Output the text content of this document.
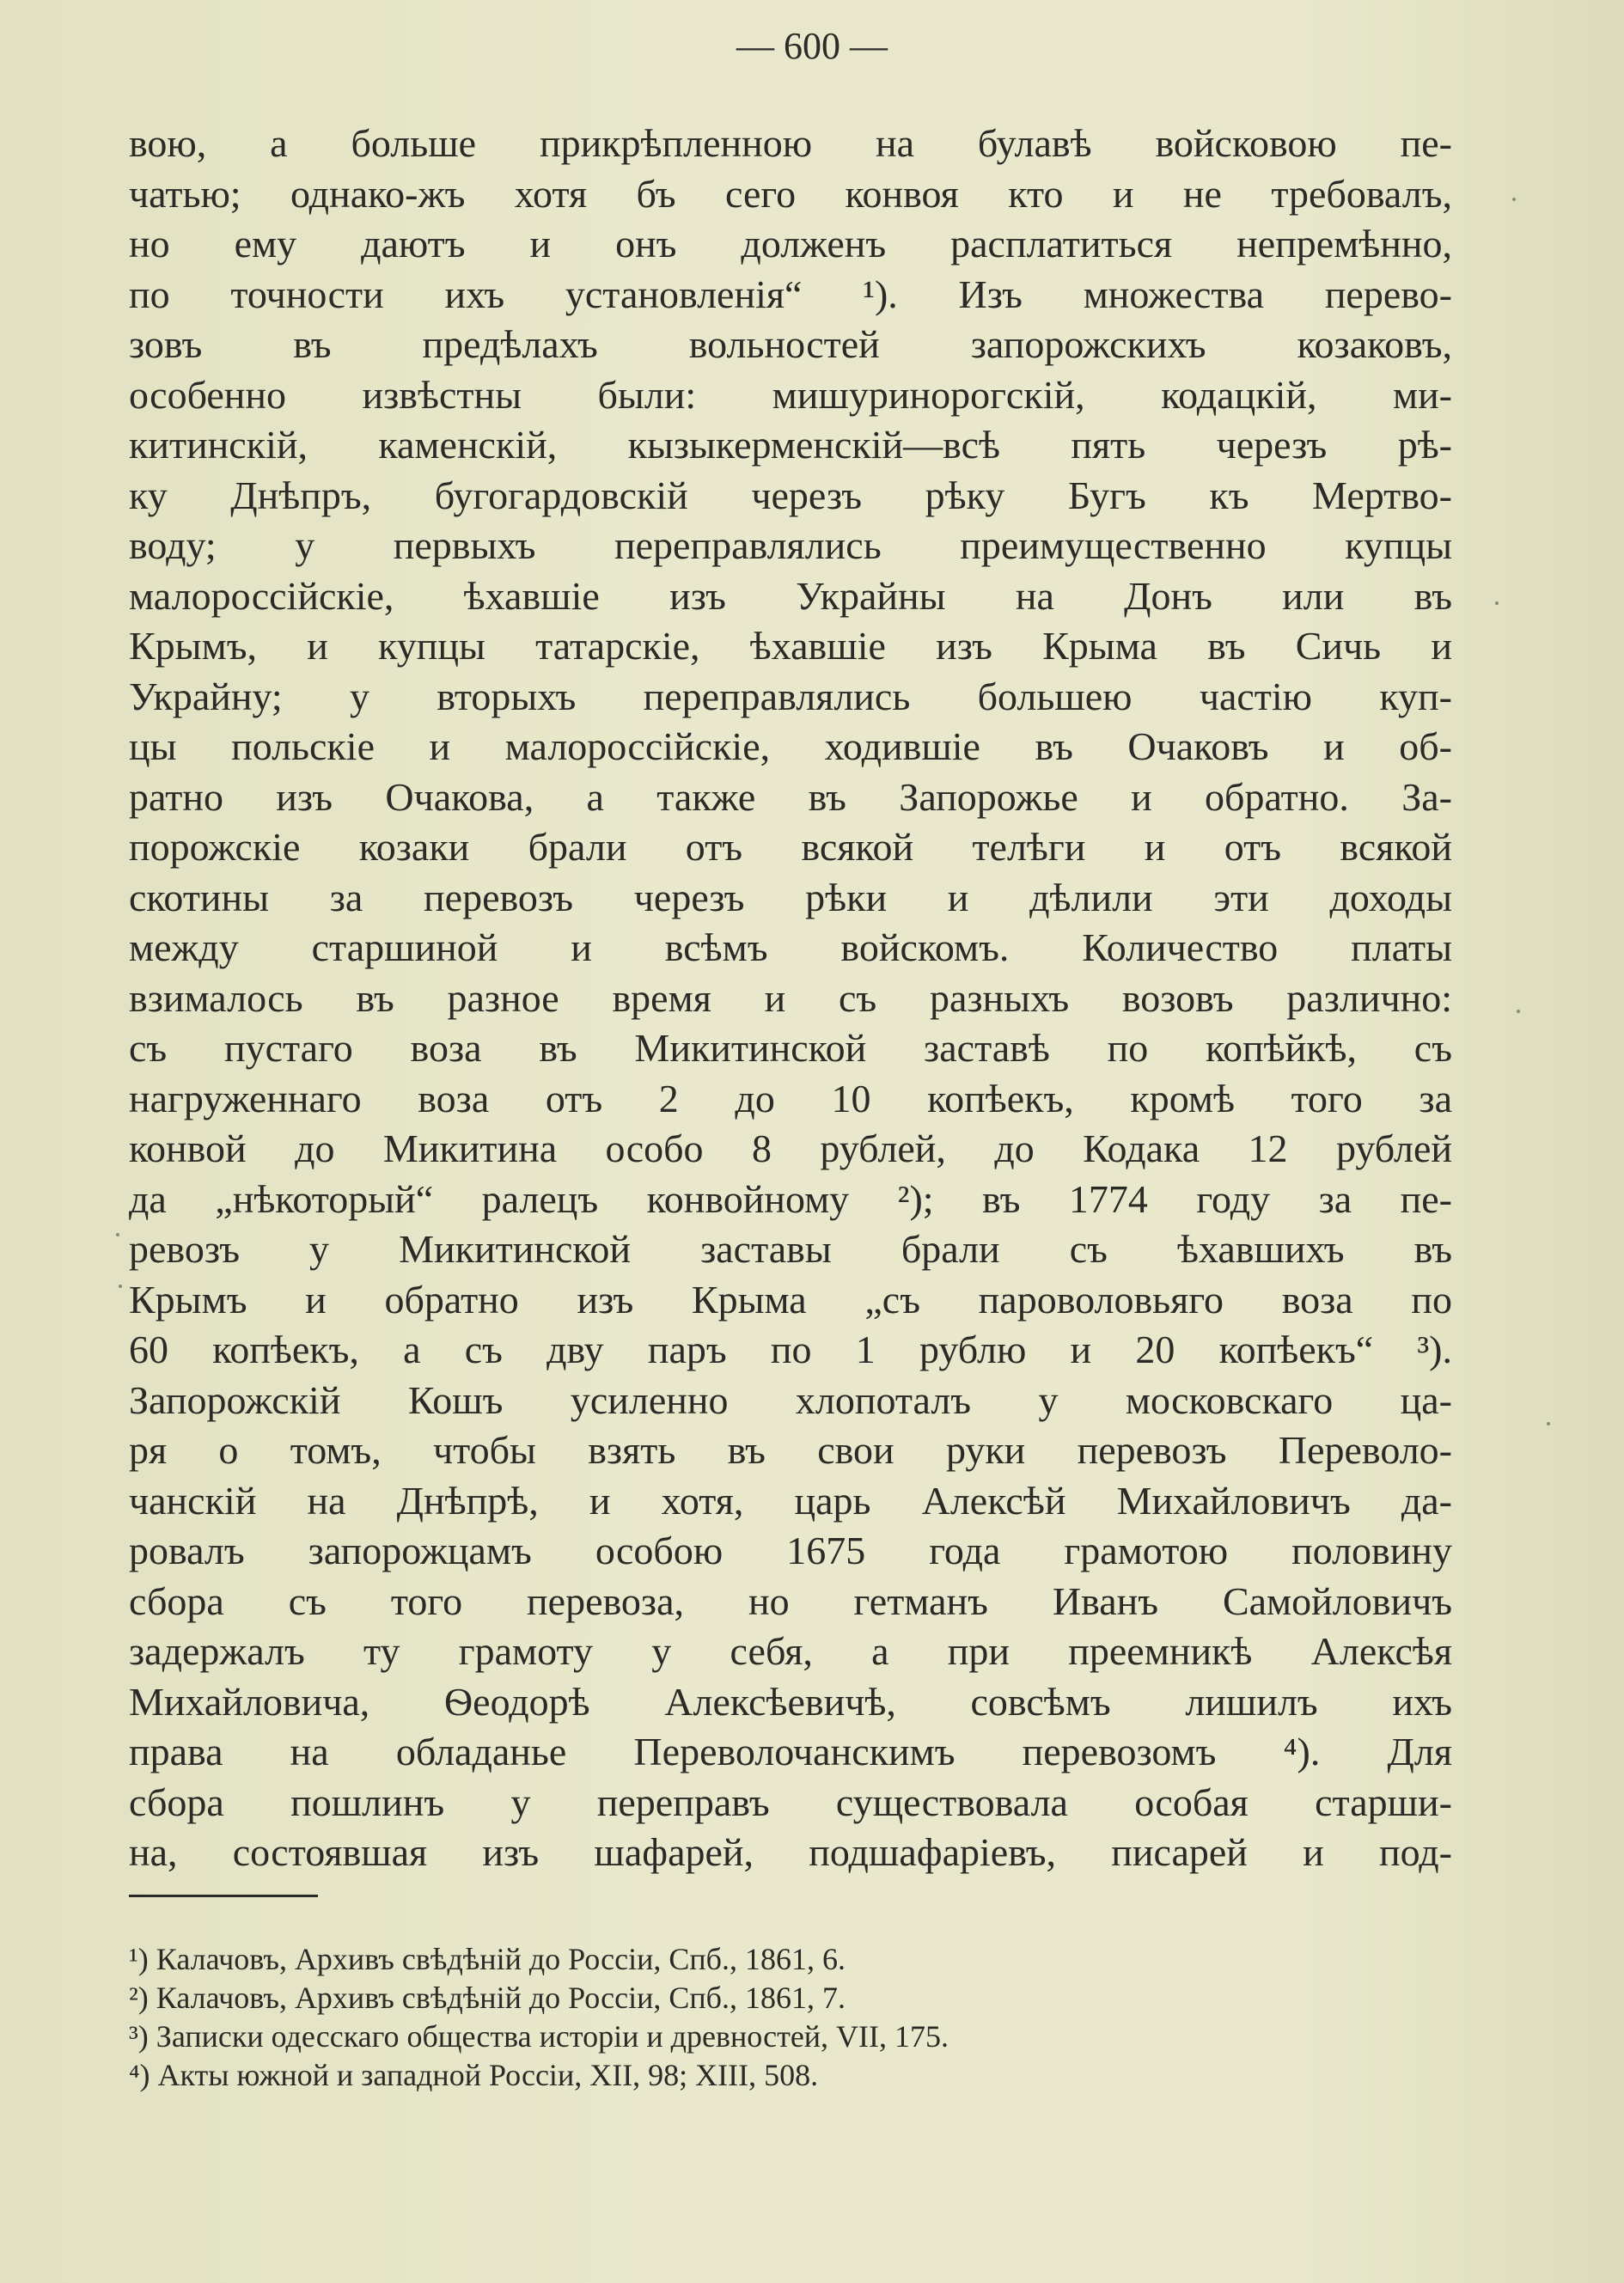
— 600 —
вою, а больше прикрѣпленною на булавѣ войсковою пе-
чатью; однако-жъ хотя бъ сего конвоя кто и не требовалъ,
но ему даютъ и онъ долженъ расплатиться непремѣнно,
по точности ихъ установленія“ ¹). Изъ множества перево-
зовъ въ предѣлахъ вольностей запорожскихъ козаковъ,
особенно извѣстны были: мишуринорогскій, кодацкій, ми-
китинскій, каменскій, кызыкерменскій—всѣ пять черезъ рѣ-
ку Днѣпръ, бугогардовскій черезъ рѣку Бугъ къ Мертво-
воду; у первыхъ переправлялись преимущественно купцы
малороссійскіе, ѣхавшіе изъ Украйны на Донъ или въ
Крымъ, и купцы татарскіе, ѣхавшіе изъ Крыма въ Сичь и
Украйну; у вторыхъ переправлялись большею частію куп-
цы польскіе и малороссійскіе, ходившіе въ Очаковъ и об-
ратно изъ Очакова, а также въ Запорожье и обратно. За-
порожскіе козаки брали отъ всякой телѣги и отъ всякой
скотины за перевозъ черезъ рѣки и дѣлили эти доходы
между старшиной и всѣмъ войскомъ. Количество платы
взималось въ разное время и съ разныхъ возовъ различно:
съ пустаго воза въ Микитинской заставѣ по копѣйкѣ, съ
нагруженнаго воза отъ 2 до 10 копѣекъ, кромѣ того за
конвой до Микитина особо 8 рублей, до Кодака 12 рублей
да „нѣкоторый“ ралецъ конвойному ²); въ 1774 году за пе-
ревозъ у Микитинской заставы брали съ ѣхавшихъ въ
Крымъ и обратно изъ Крыма „съ пароволовьяго воза по
60 копѣекъ, а съ дву паръ по 1 рублю и 20 копѣекъ“ ³).
Запорожскій Кошъ усиленно хлопоталъ у московскаго ца-
ря о томъ, чтобы взять въ свои руки перевозъ Переволо-
чанскій на Днѣпрѣ, и хотя, царь Алексѣй Михайловичъ да-
ровалъ запорожцамъ особою 1675 года грамотою половину
сбора съ того перевоза, но гетманъ Иванъ Самойловичъ
задержалъ ту грамоту у себя, а при преемникѣ Алексѣя
Михайловича, Ѳеодорѣ Алексѣевичѣ, совсѣмъ лишилъ ихъ
права на обладанье Переволочанскимъ перевозомъ ⁴). Для
сбора пошлинъ у переправъ существовала особая старши-
на, состоявшая изъ шафарей, подшафаріевъ, писарей и под-
¹) Калачовъ, Архивъ свѣдѣній до Россіи, Спб., 1861, 6.
²) Калачовъ, Архивъ свѣдѣній до Россіи, Спб., 1861, 7.
³) Записки одесскаго общества исторіи и древностей, VII, 175.
⁴) Акты южной и западной Россіи, XII, 98; XIII, 508.
